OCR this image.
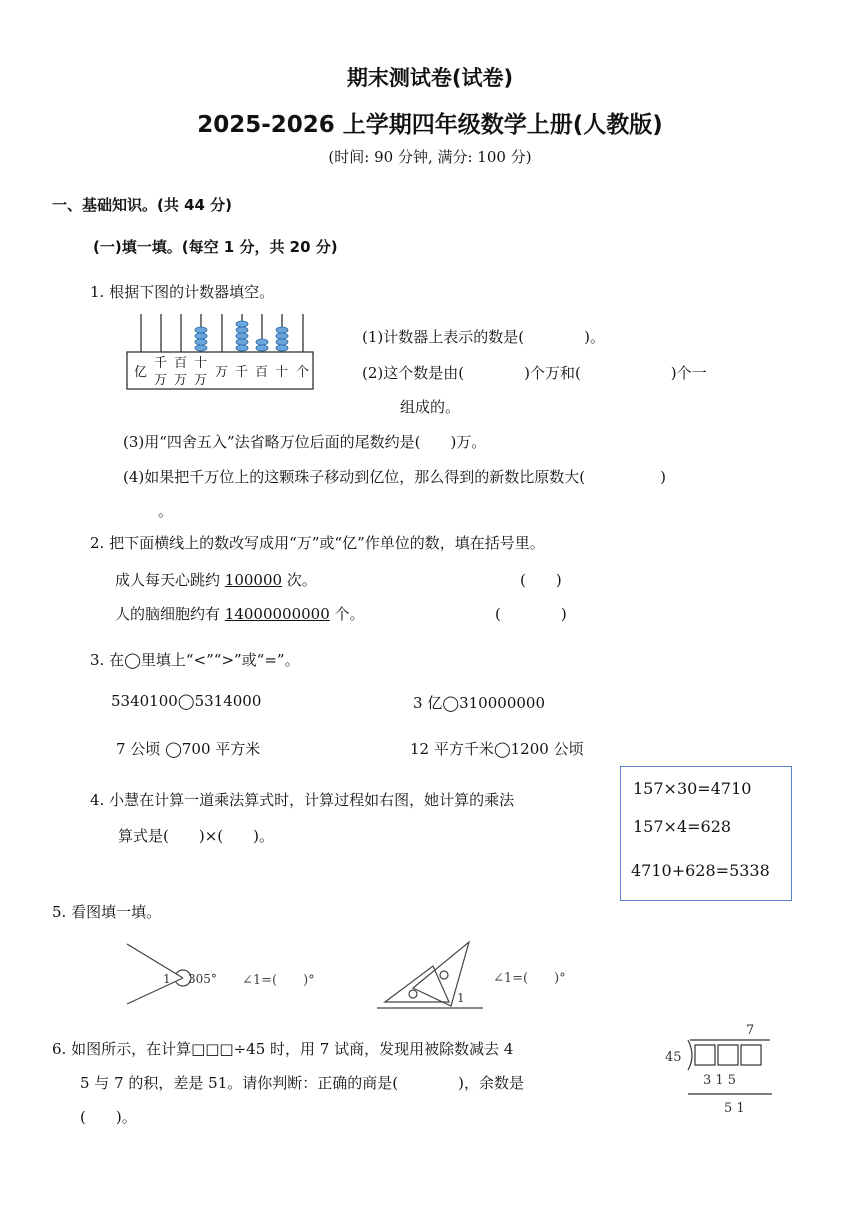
期末测试卷(试卷)
2025-2026 上学期四年级数学上册(人教版)
(时间: 90 分钟, 满分: 100 分)
一、基础知识。(共 44 分)
(一)填一填。(每空 1 分，共 20 分)
1. 根据下图的计数器填空。
亿
千
万
百
万
十
万
万 千 百 十 个
(1)计数器上表示的数是(　　　　)。
(2)这个数是由(　　　　)个万和(　　　　　　)个一
组成的。
(3)用“四舍五入”法省略万位后面的尾数约是(　　)万。
(4)如果把千万位上的这颗珠子移动到亿位，那么得到的新数比原数大(　　　　　)
。
2. 把下面横线上的数改写成用“万”或“亿”作单位的数，填在括号里。
成人每天心跳约 100000 次。	(　　)
人的脑细胞约有 14000000000 个。	(　　　　)
3. 在◯里填上“<”“>”或“=”。
5340100◯5314000	3 亿◯310000000
7 公顷 ◯700 平方米	12 平方千米◯1200 公顷
4. 小慧在计算一道乘法算式时，计算过程如右图，她计算的乘法
算式是(　　)×(　　)。
157×30=4710
157×4=628
4710+628=5338
5. 看图填一填。
1 305° ∠1=(　　)°
1
∠1=(　　)°
6. 如图所示，在计算□□□÷45 时，用 7 试商，发现用被除数减去 4
5 与 7 的积，差是 51。请你判断：正确的商是(　　　　)，余数是
(　　)。
7
45
3 1 5
5 1
